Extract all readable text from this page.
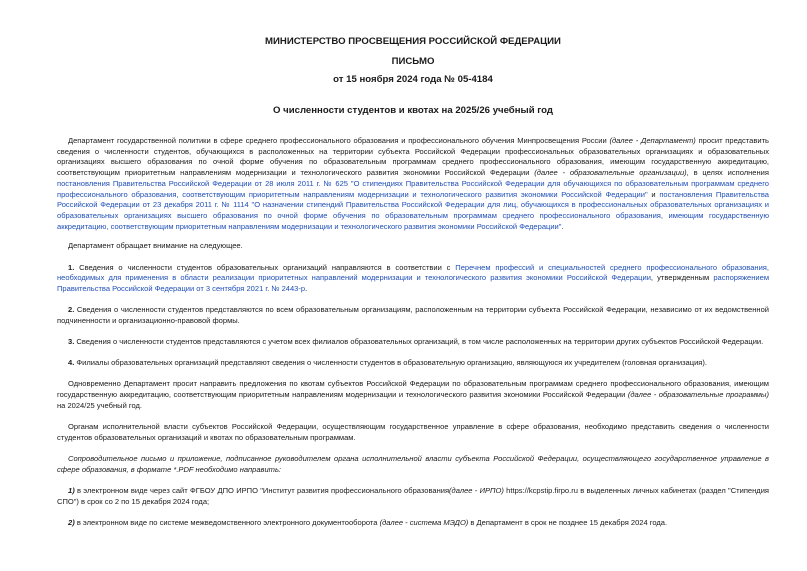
МИНИСТЕРСТВО ПРОСВЕЩЕНИЯ РОССИЙСКОЙ ФЕДЕРАЦИИ
ПИСЬМО
от 15 ноября 2024 года № 05-4184
О численности студентов и квотах на 2025/26 учебный год

Департамент государственной политики в сфере среднего профессионального образования и профессионального обучения Минпросвещения России (далее - Департамент) просит представить сведения о численности студентов, обучающихся в расположенных на территории субъекта Российской Федерации профессиональных образовательных организациях и образовательных организациях высшего образования по очной форме обучения по образовательным программам среднего профессионального образования, имеющим государственную аккредитацию, соответствующим приоритетным направлениям модернизации и технологического развития экономики Российской Федерации (далее - образовательные организации), в целях исполнения постановления Правительства Российской Федерации от 28 июля 2011 г. № 625 "О стипендиях Правительства Российской Федерации для обучающихся по образовательным программам среднего профессионального образования, соответствующим приоритетным направлениям модернизации и технологического развития экономики Российской Федерации" и постановления Правительства Российской Федерации от 23 декабря 2011 г. № 1114 "О назначении стипендий Правительства Российской Федерации для лиц, обучающихся в профессиональных образовательных организациях и образовательных организациях высшего образования по очной форме обучения по образовательным программам среднего профессионального образования, имеющим государственную аккредитацию, соответствующим приоритетным направлениям модернизации и технологического развития экономики Российской Федерации".

Департамент обращает внимание на следующее.

1. Сведения о численности студентов образовательных организаций направляются в соответствии с Перечнем профессий и специальностей среднего профессионального образования, необходимых для применения в области реализации приоритетных направлений модернизации и технологического развития экономики Российской Федерации, утвержденным распоряжением Правительства Российской Федерации от 3 сентября 2021 г. № 2443-р.

2. Сведения о численности студентов представляются по всем образовательным организациям, расположенным на территории субъекта Российской Федерации, независимо от их ведомственной подчиненности и организационно-правовой формы.

3. Сведения о численности студентов представляются с учетом всех филиалов образовательных организаций, в том числе расположенных на территории других субъектов Российской Федерации.

4. Филиалы образовательных организаций представляют сведения о численности студентов в образовательную организацию, являющуюся их учредителем (головная организация).

Одновременно Департамент просит направить предложения по квотам субъектов Российской Федерации по образовательным программам среднего профессионального образования, имеющим государственную аккредитацию, соответствующим приоритетным направлениям модернизации и технологического развития экономики Российской Федерации (далее - образовательные программы) на 2024/25 учебный год.

Органам исполнительной власти субъектов Российской Федерации, осуществляющим государственное управление в сфере образования, необходимо представить сведения о численности студентов образовательных организаций и квотах по образовательным программам.

Сопроводительное письмо и приложение, подписанное руководителем органа исполнительной власти субъекта Российской Федерации, осуществляющего государственное управление в сфере образования, в формате *.PDF необходимо направить:

1) в электронном виде через сайт ФГБОУ ДПО ИРПО "Институт развития профессионального образования(далее - ИРПО) https://kcpstip.firpo.ru в выделенных личных кабинетах (раздел "Стипендия СПО") в срок со 2 по 15 декабря 2024 года;

2) в электронном виде по системе межведомственного электронного документооборота (далее - система МЭДО) в Департамент в срок не позднее 15 декабря 2024 года.
